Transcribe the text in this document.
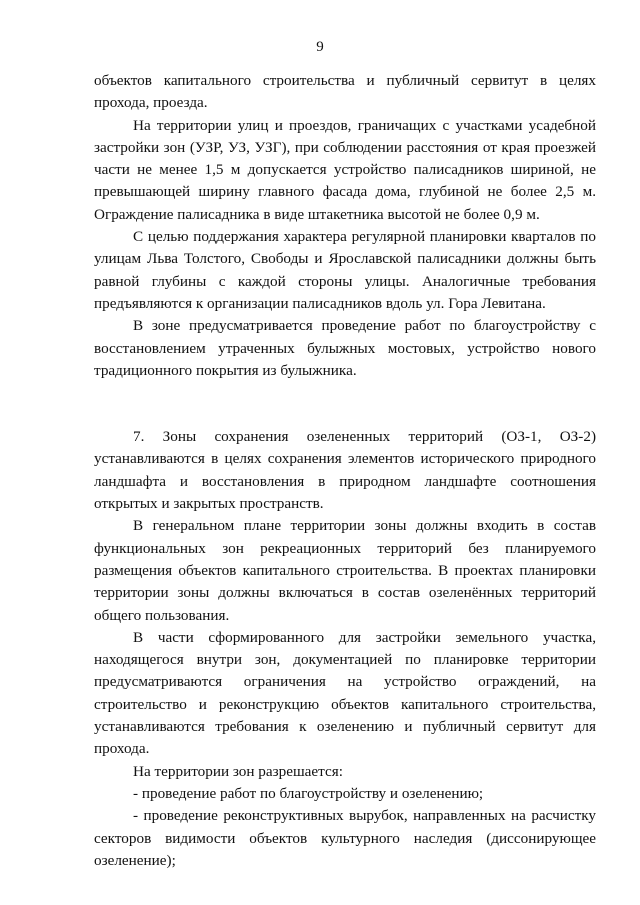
9

объектов капитального строительства и публичный сервитут в целях прохода, проезда.

На территории улиц и проездов, граничащих с участками усадебной застройки зон (УЗР, УЗ, УЗГ), при соблюдении расстояния от края проезжей части не менее 1,5 м допускается устройство палисадников шириной, не превышающей ширину главного фасада дома, глубиной не более 2,5 м. Ограждение палисадника в виде штакетника высотой не более 0,9 м.

С целью поддержания характера регулярной планировки кварталов по улицам Льва Толстого, Свободы и Ярославской палисадники должны быть равной глубины с каждой стороны улицы. Аналогичные требования предъявляются к организации палисадников вдоль ул. Гора Левитана.

В зоне предусматривается проведение работ по благоустройству с восстановлением утраченных булыжных мостовых, устройство нового традиционного покрытия из булыжника.

7. Зоны сохранения озелененных территорий (ОЗ-1, ОЗ-2) устанавливаются в целях сохранения элементов исторического природного ландшафта и восстановления в природном ландшафте соотношения открытых и закрытых пространств.

В генеральном плане территории зоны должны входить в состав функциональных зон рекреационных территорий без планируемого размещения объектов капитального строительства. В проектах планировки территории зоны должны включаться в состав озеленённых территорий общего пользования.

В части сформированного для застройки земельного участка, находящегося внутри зон, документацией по планировке территории предусматриваются ограничения на устройство ограждений, на строительство и реконструкцию объектов капитального строительства, устанавливаются требования к озеленению и публичный сервитут для прохода.

На территории зон разрешается:

- проведение работ по благоустройству и озеленению;

- проведение реконструктивных вырубок, направленных на расчистку секторов видимости объектов культурного наследия (диссонирующее озеленение);
